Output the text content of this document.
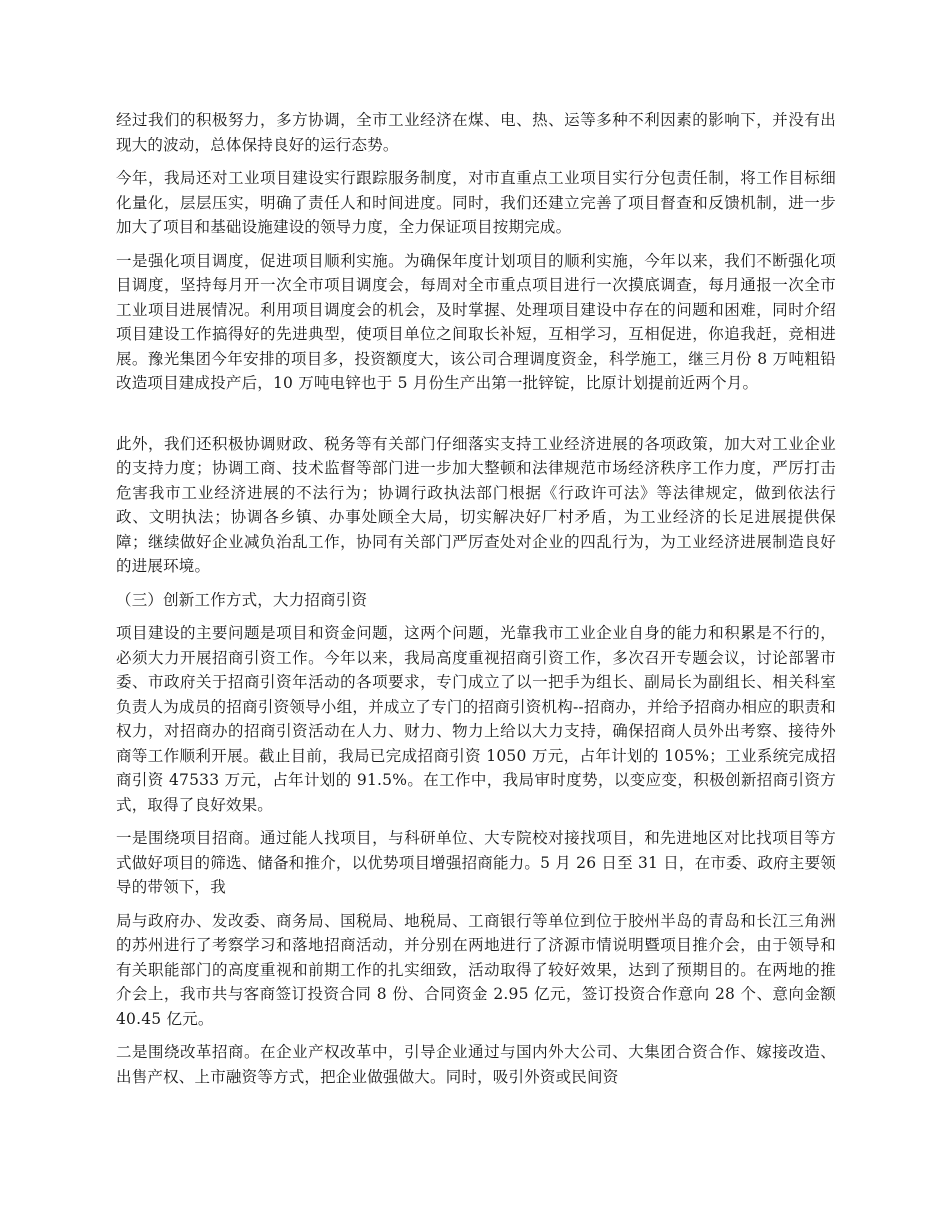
经过我们的积极努力，多方协调，全市工业经济在煤、电、热、运等多种不利因素的影响下，并没有出现大的波动，总体保持良好的运行态势。

今年，我局还对工业项目建设实行跟踪服务制度，对市直重点工业项目实行分包责任制，将工作目标细化量化，层层压实，明确了责任人和时间进度。同时，我们还建立完善了项目督查和反馈机制，进一步加大了项目和基础设施建设的领导力度，全力保证项目按期完成。

一是强化项目调度，促进项目顺利实施。为确保年度计划项目的顺利实施，今年以来，我们不断强化项目调度，坚持每月开一次全市项目调度会，每周对全市重点项目进行一次摸底调查，每月通报一次全市工业项目进展情况。利用项目调度会的机会，及时掌握、处理项目建设中存在的问题和困难，同时介绍项目建设工作搞得好的先进典型，使项目单位之间取长补短，互相学习，互相促进，你追我赶，竞相进展。豫光集团今年安排的项目多，投资额度大，该公司合理调度资金，科学施工，继三月份 8 万吨粗铅改造项目建成投产后，10 万吨电锌也于 5 月份生产出第一批锌锭，比原计划提前近两个月。

此外，我们还积极协调财政、税务等有关部门仔细落实支持工业经济进展的各项政策，加大对工业企业的支持力度；协调工商、技术监督等部门进一步加大整顿和法律规范市场经济秩序工作力度，严厉打击危害我市工业经济进展的不法行为；协调行政执法部门根据《行政许可法》等法律规定，做到依法行政、文明执法；协调各乡镇、办事处顾全大局，切实解决好厂村矛盾，为工业经济的长足进展提供保障；继续做好企业减负治乱工作，协同有关部门严厉查处对企业的四乱行为，为工业经济进展制造良好的进展环境。

（三）创新工作方式，大力招商引资

项目建设的主要问题是项目和资金问题，这两个问题，光靠我市工业企业自身的能力和积累是不行的，必须大力开展招商引资工作。今年以来，我局高度重视招商引资工作，多次召开专题会议，讨论部署市委、市政府关于招商引资年活动的各项要求，专门成立了以一把手为组长、副局长为副组长、相关科室负责人为成员的招商引资领导小组，并成立了专门的招商引资机构--招商办，并给予招商办相应的职责和权力，对招商办的招商引资活动在人力、财力、物力上给以大力支持，确保招商人员外出考察、接待外商等工作顺利开展。截止目前，我局已完成招商引资 1050 万元，占年计划的 105%；工业系统完成招商引资 47533 万元，占年计划的 91.5%。在工作中，我局审时度势，以变应变，积极创新招商引资方式，取得了良好效果。

一是围绕项目招商。通过能人找项目，与科研单位、大专院校对接找项目，和先进地区对比找项目等方式做好项目的筛选、储备和推介，以优势项目增强招商能力。5 月 26 日至 31 日，在市委、政府主要领导的带领下，我

局与政府办、发改委、商务局、国税局、地税局、工商银行等单位到位于胶州半岛的青岛和长江三角洲的苏州进行了考察学习和落地招商活动，并分别在两地进行了济源市情说明暨项目推介会，由于领导和有关职能部门的高度重视和前期工作的扎实细致，活动取得了较好效果，达到了预期目的。在两地的推介会上，我市共与客商签订投资合同 8 份、合同资金 2.95 亿元，签订投资合作意向 28 个、意向金额 40.45 亿元。

二是围绕改革招商。在企业产权改革中，引导企业通过与国内外大公司、大集团合资合作、嫁接改造、出售产权、上市融资等方式，把企业做强做大。同时，吸引外资或民间资
